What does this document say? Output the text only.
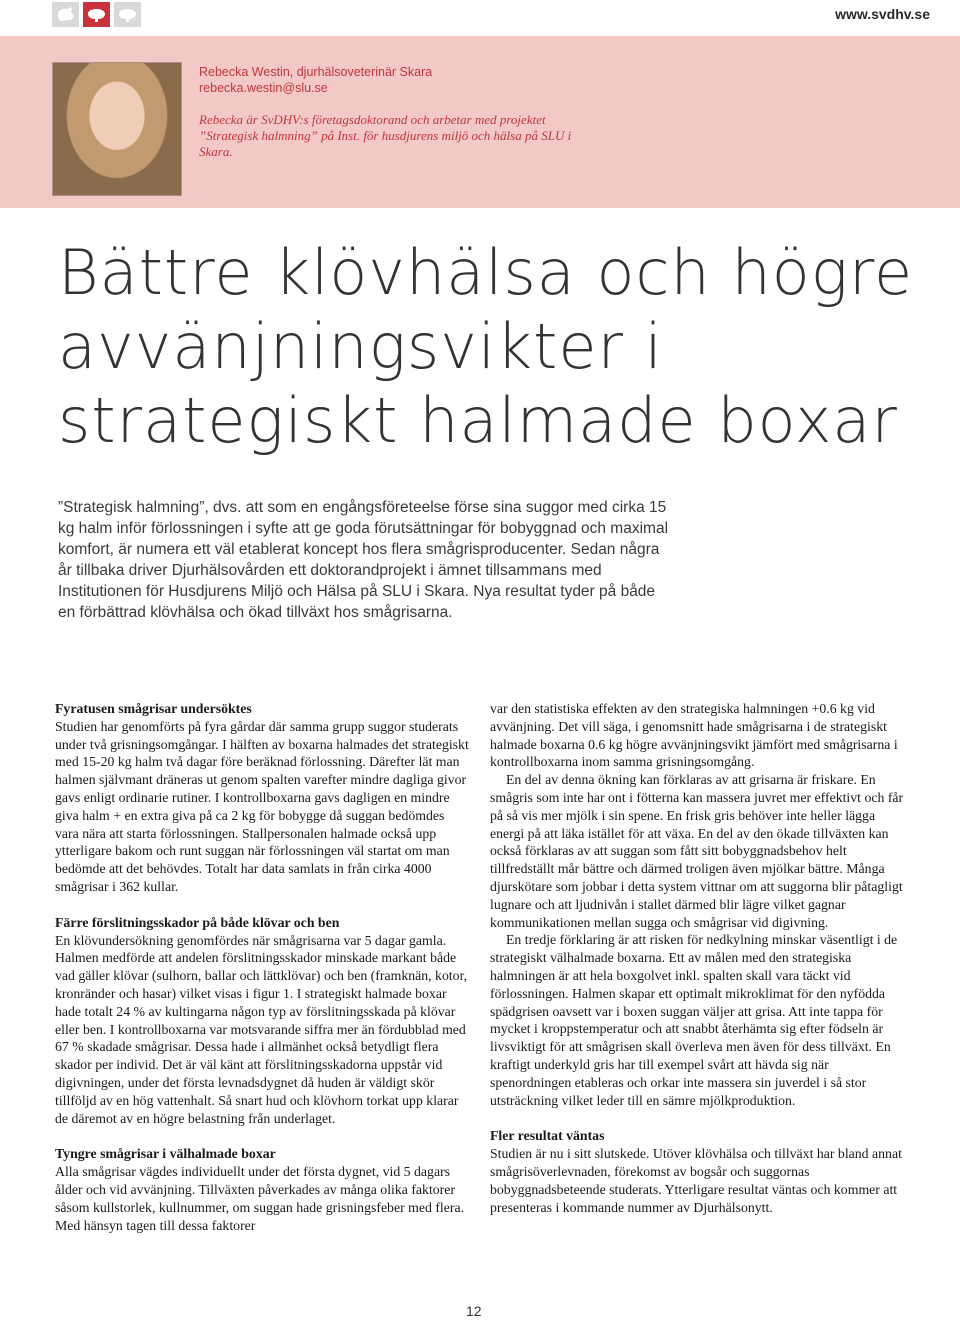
www.svdhv.se
Rebecka Westin, djurhälsoveterinär Skara
rebecka.westin@slu.se
Rebecka är SvDHV:s företagsdoktorand och arbetar med projektet ”Strategisk halmning” på Inst. för husdjurens miljö och hälsa på SLU i Skara.
Bättre klövhälsa och högre
avvänjningsvikter i
strategiskt halmade boxar
”Strategisk halmning”, dvs. att som en engångsföreteelse förse sina suggor med cirka 15 kg halm inför förlossningen i syfte att ge goda förutsättningar för bobyggnad och maximal komfort, är numera ett väl etablerat koncept hos flera smågrisproducenter. Sedan några år tillbaka driver Djurhälsovården ett doktorandprojekt i ämnet tillsammans med Institutionen för Husdjurens Miljö och Hälsa på SLU i Skara. Nya resultat tyder på både en förbättrad klövhälsa och ökad tillväxt hos smågrisarna.
Fyratusen smågrisar undersöktes

Studien har genomförts på fyra gårdar där samma grupp suggor studerats under två grisningsomgångar. I hälften av boxarna halmades det strategiskt med 15-20 kg halm två dagar före beräknad förlossning. Därefter lät man halmen självmant dräneras ut genom spalten varefter mindre dagliga givor gavs enligt ordinarie rutiner. I kontrollboxarna gavs dagligen en mindre giva halm + en extra giva på ca 2 kg för bobygge då suggan bedömdes vara nära att starta förlossningen. Stallpersonalen halmade också upp ytterligare bakom och runt suggan när förlossningen väl startat om man bedömde att det behövdes. Totalt har data samlats in från cirka 4000 smågrisar i 362 kullar.

Färre förslitningsskador på både klövar och ben

En klövundersökning genomfördes när smågrisarna var 5 dagar gamla. Halmen medförde att andelen förslitningsskador minskade markant både vad gäller klövar (sulhorn, ballar och lättklövar) och ben (framknän, kotor, kronränder och hasar) vilket visas i figur 1. I strategiskt halmade boxar hade totalt 24 % av kultingarna någon typ av förslitningsskada på klövar eller ben. I kontrollboxarna var motsvarande siffra mer än fördubblad med 67 % skadade smågrisar. Dessa hade i allmänhet också betydligt flera skador per individ. Det är väl känt att förslitningsskadorna uppstår vid digivningen, under det första levnadsdygnet då huden är väldigt skör tillföljd av en hög vattenhalt. Så snart hud och klövhorn torkat upp klarar de däremot av en högre belastning från underlaget.

Tyngre smågrisar i välhalmade boxar

Alla smågrisar vägdes individuellt under det första dygnet, vid 5 dagars ålder och vid avvänjning. Tillväxten påverkades av många olika faktorer såsom kullstorlek, kullnummer, om suggan hade grisningsfeber med flera. Med hänsyn tagen till dessa faktorer

var den statistiska effekten av den strategiska halmningen +0.6 kg vid avvänjning. Det vill säga, i genomsnitt hade smågrisarna i de strategiskt halmade boxarna 0.6 kg högre avvänjningsvikt jämfört med smågrisarna i kontrollboxarna inom samma grisningsomgång.

En del av denna ökning kan förklaras av att grisarna är friskare. En smågris som inte har ont i fötterna kan massera juvret mer effektivt och får på så vis mer mjölk i sin spene. En frisk gris behöver inte heller lägga energi på att läka istället för att växa. En del av den ökade tillväxten kan också förklaras av att suggan som fått sitt bobyggnadsbehov helt tillfredställt mår bättre och därmed troligen även mjölkar bättre. Många djurskötare som jobbar i detta system vittnar om att suggorna blir påtagligt lugnare och att ljudnivån i stallet därmed blir lägre vilket gagnar kommunikationen mellan sugga och smågrisar vid digivning.

En tredje förklaring är att risken för nedkylning minskar väsentligt i de strategiskt välhalmade boxarna. Ett av målen med den strategiska halmningen är att hela boxgolvet inkl. spalten skall vara täckt vid förlossningen. Halmen skapar ett optimalt mikroklimat för den nyfödda spädgrisen oavsett var i boxen suggan väljer att grisa. Att inte tappa för mycket i kroppstemperatur och att snabbt återhämta sig efter födseln är livsviktigt för att smågrisen skall överleva men även för dess tillväxt. En kraftigt underkyld gris har till exempel svårt att hävda sig när spenordningen etableras och orkar inte massera sin juverdel i så stor utsträckning vilket leder till en sämre mjölkproduktion.

Fler resultat väntas

Studien är nu i sitt slutskede. Utöver klövhälsa och tillväxt har bland annat smågrisöverlevnaden, förekomst av bogsår och suggornas bobyggnadsbeteende studerats. Ytterligare resultat väntas och kommer att presenteras i kommande nummer av Djurhälsonytt.

12
